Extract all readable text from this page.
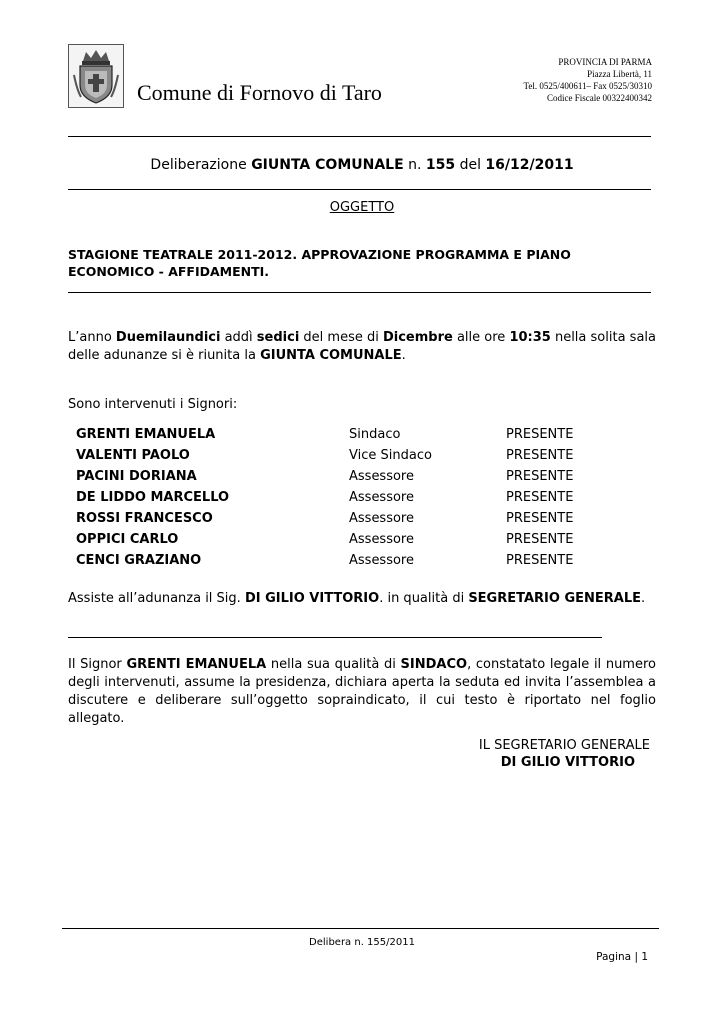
Comune di Fornovo di Taro
PROVINCIA DI PARMA
Piazza Libertà, 11
Tel. 0525/400611– Fax 0525/30310
Codice Fiscale 00322400342
Deliberazione GIUNTA COMUNALE n. 155 del 16/12/2011
OGGETTO
STAGIONE TEATRALE 2011-2012. APPROVAZIONE PROGRAMMA E PIANO ECONOMICO - AFFIDAMENTI.
L’anno Duemilaundici addì sedici del mese di Dicembre alle ore 10:35 nella solita sala delle adunanze si è riunita la GIUNTA COMUNALE.
Sono intervenuti i Signori:
GRENTI EMANUELA	Sindaco	PRESENTE
VALENTI PAOLO	Vice Sindaco	PRESENTE
PACINI DORIANA	Assessore	PRESENTE
DE LIDDO MARCELLO	Assessore	PRESENTE
ROSSI FRANCESCO	Assessore	PRESENTE
OPPICI CARLO	Assessore	PRESENTE
CENCI GRAZIANO	Assessore	PRESENTE
Assiste all’adunanza il Sig. DI GILIO VITTORIO. in qualità di SEGRETARIO GENERALE.
Il Signor GRENTI EMANUELA nella sua qualità di SINDACO, constatato legale il numero degli intervenuti, assume la presidenza, dichiara aperta la seduta ed invita l’assemblea a discutere e deliberare sull’oggetto sopraindicato, il cui testo è riportato nel foglio allegato.
IL SEGRETARIO GENERALE
DI GILIO VITTORIO
Delibera n. 155/2011
Pagina | 1
